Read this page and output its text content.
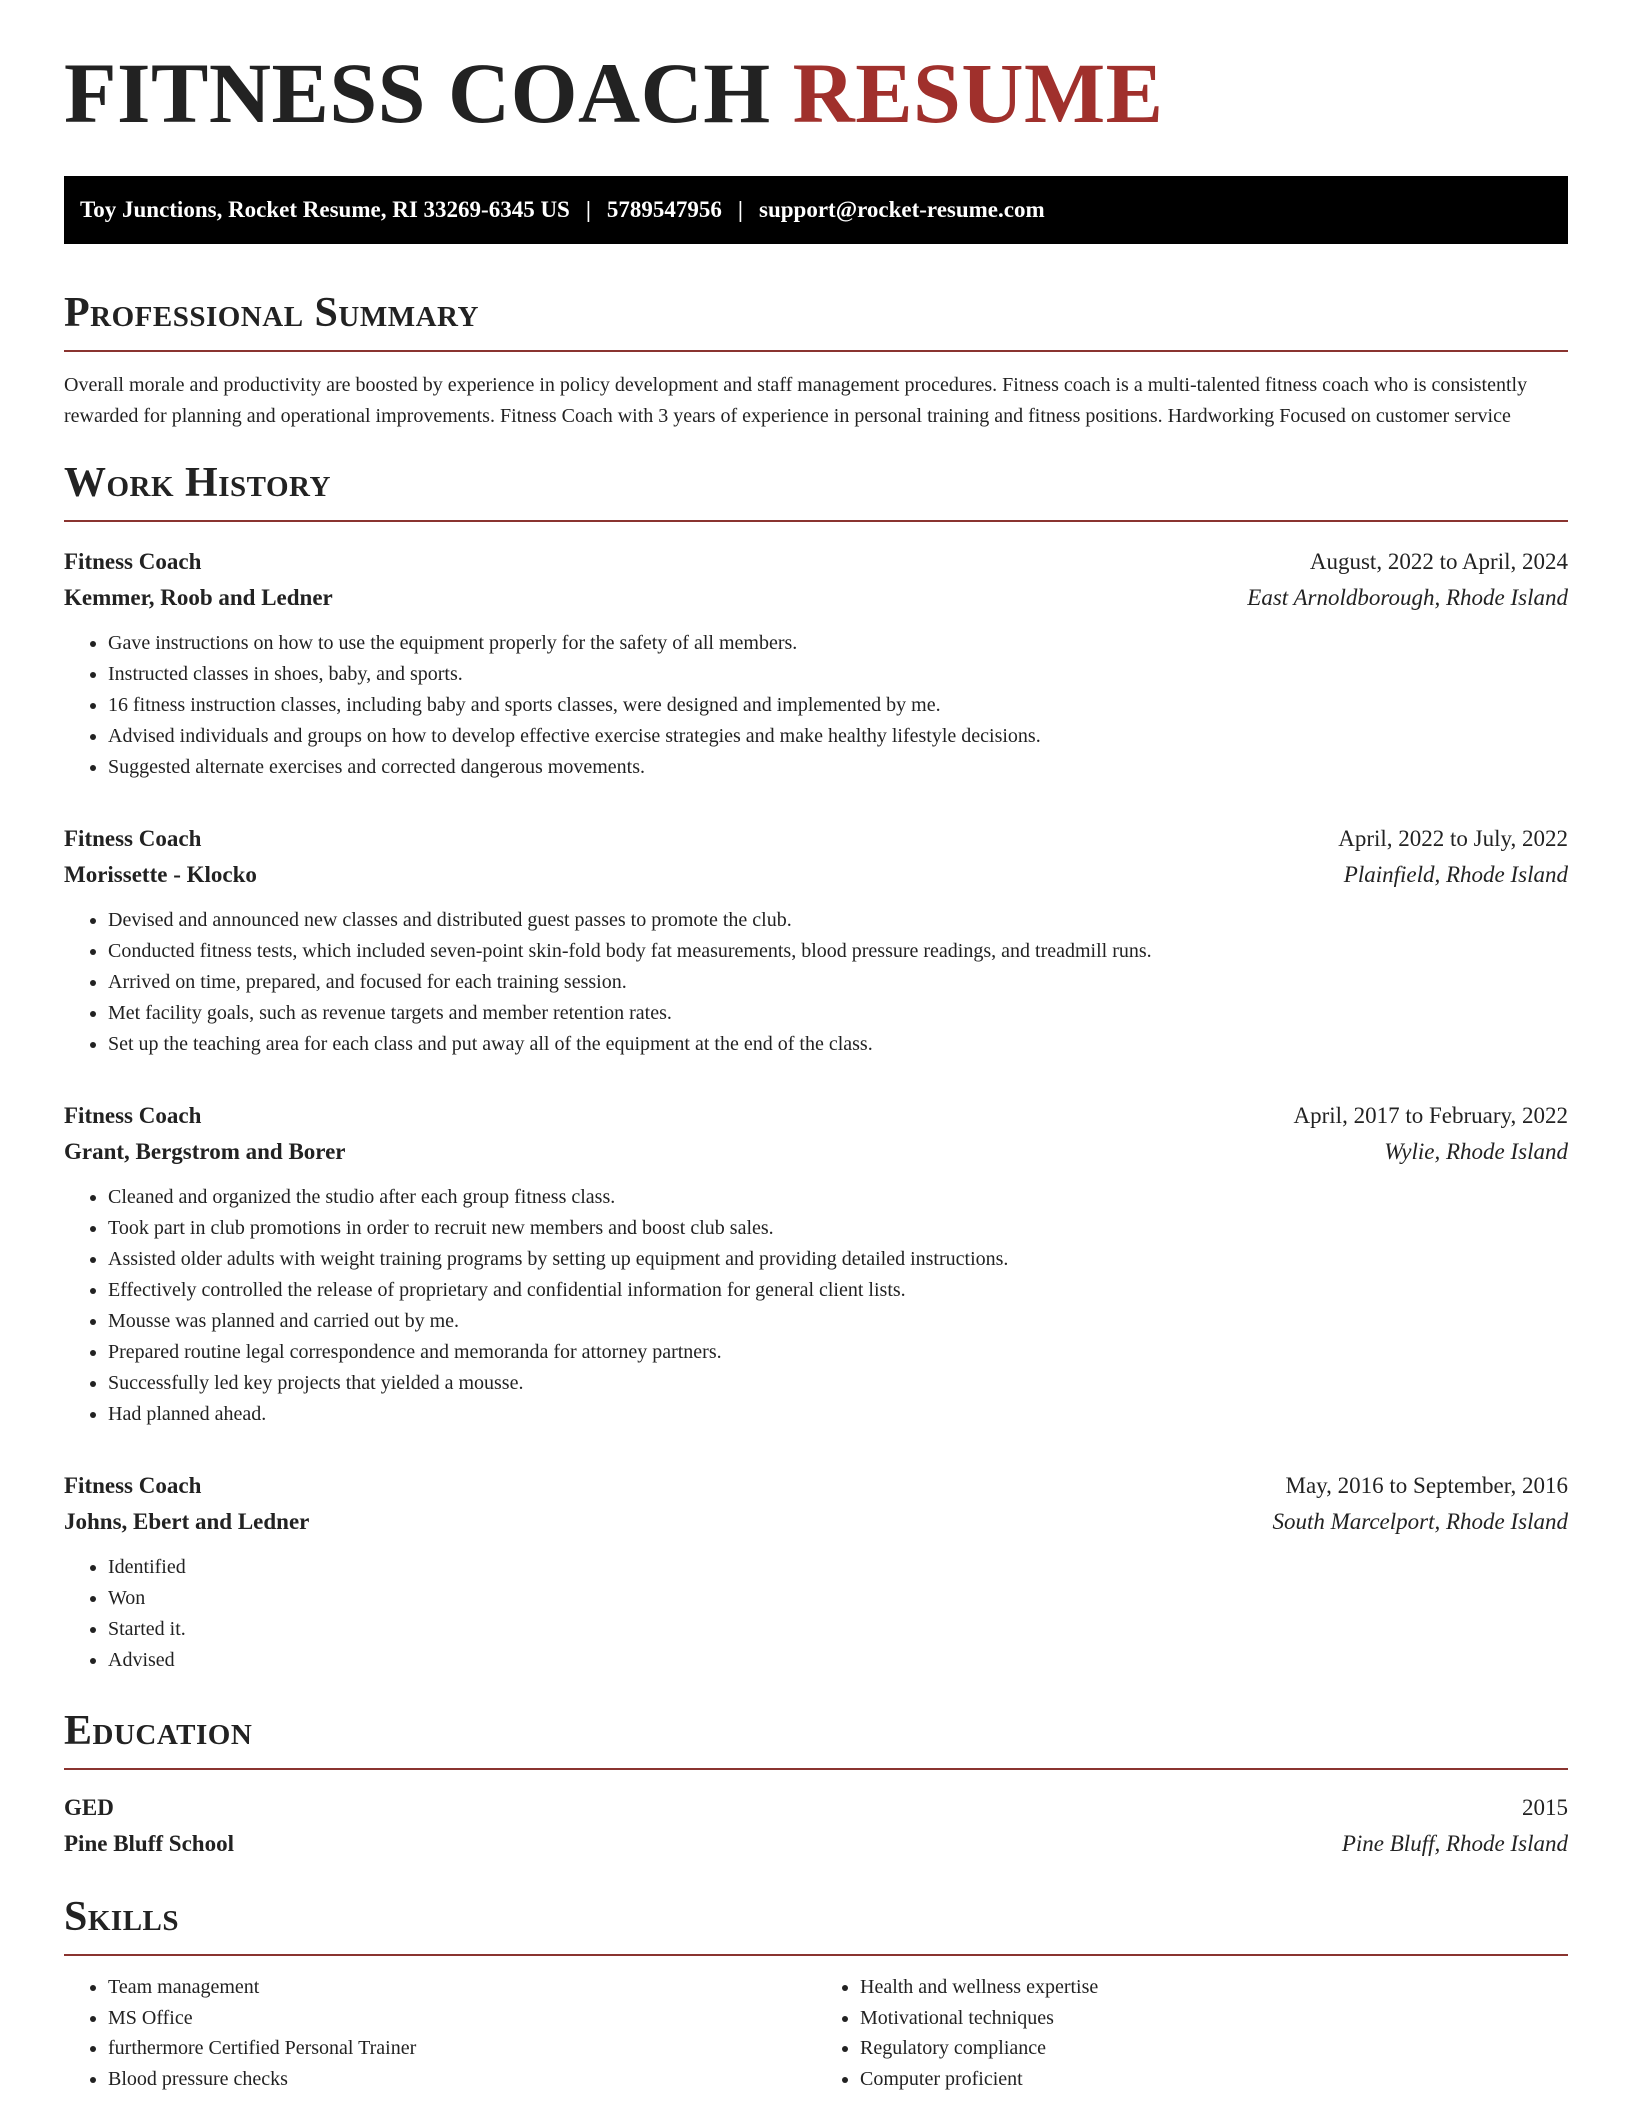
FITNESS COACH RESUME
Toy Junctions, Rocket Resume, RI 33269-6345 US | 5789547956 | support@rocket-resume.com
Professional Summary

Overall morale and productivity are boosted by experience in policy development and staff management procedures. Fitness coach is a multi-talented fitness coach who is consistently rewarded for planning and operational improvements. Fitness Coach with 3 years of experience in personal training and fitness positions. Hardworking Focused on customer service

Work History
Fitness Coach	August, 2022 to April, 2024
Kemmer, Roob and Ledner	East Arnoldborough, Rhode Island
• Gave instructions on how to use the equipment properly for the safety of all members.
• Instructed classes in shoes, baby, and sports.
• 16 fitness instruction classes, including baby and sports classes, were designed and implemented by me.
• Advised individuals and groups on how to develop effective exercise strategies and make healthy lifestyle decisions.
• Suggested alternate exercises and corrected dangerous movements.
Fitness Coach	April, 2022 to July, 2022
Morissette - Klocko	Plainfield, Rhode Island
• Devised and announced new classes and distributed guest passes to promote the club.
• Conducted fitness tests, which included seven-point skin-fold body fat measurements, blood pressure readings, and treadmill runs.
• Arrived on time, prepared, and focused for each training session.
• Met facility goals, such as revenue targets and member retention rates.
• Set up the teaching area for each class and put away all of the equipment at the end of the class.
Fitness Coach	April, 2017 to February, 2022
Grant, Bergstrom and Borer	Wylie, Rhode Island
• Cleaned and organized the studio after each group fitness class.
• Took part in club promotions in order to recruit new members and boost club sales.
• Assisted older adults with weight training programs by setting up equipment and providing detailed instructions.
• Effectively controlled the release of proprietary and confidential information for general client lists.
• Mousse was planned and carried out by me.
• Prepared routine legal correspondence and memoranda for attorney partners.
• Successfully led key projects that yielded a mousse.
• Had planned ahead.
Fitness Coach	May, 2016 to September, 2016
Johns, Ebert and Ledner	South Marcelport, Rhode Island
• Identified
• Won
• Started it.
• Advised
Education
GED	2015
Pine Bluff School	Pine Bluff, Rhode Island
Skills
• Team management
• MS Office
• furthermore Certified Personal Trainer
• Blood pressure checks
• Health and wellness expertise
• Motivational techniques
• Regulatory compliance
• Computer proficient
